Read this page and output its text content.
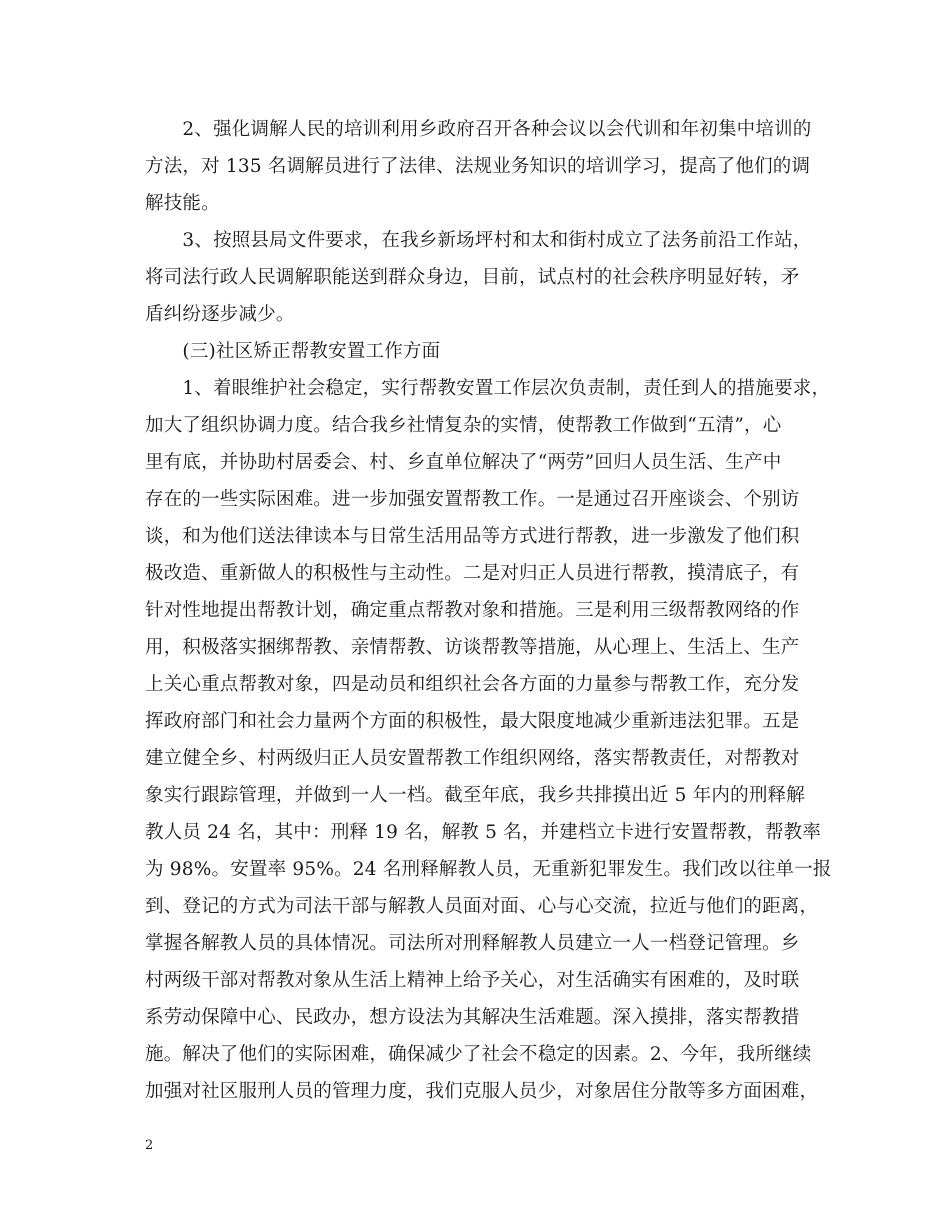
　　2、强化调解人民的培训利用乡政府召开各种会议以会代训和年初集中培训的
方法，对 135 名调解员进行了法律、法规业务知识的培训学习，提高了他们的调
解技能。
　　3、按照县局文件要求，在我乡新场坪村和太和街村成立了法务前沿工作站，
将司法行政人民调解职能送到群众身边，目前，试点村的社会秩序明显好转，矛
盾纠纷逐步减少。
　　(三)社区矫正帮教安置工作方面
　　1、着眼维护社会稳定，实行帮教安置工作层次负责制，责任到人的措施要求，
加大了组织协调力度。结合我乡社情复杂的实情，使帮教工作做到“五清”，心
里有底，并协助村居委会、村、乡直单位解决了“两劳”回归人员生活、生产中
存在的一些实际困难。进一步加强安置帮教工作。一是通过召开座谈会、个别访
谈，和为他们送法律读本与日常生活用品等方式进行帮教，进一步激发了他们积
极改造、重新做人的积极性与主动性。二是对归正人员进行帮教，摸清底子，有
针对性地提出帮教计划，确定重点帮教对象和措施。三是利用三级帮教网络的作
用，积极落实捆绑帮教、亲情帮教、访谈帮教等措施，从心理上、生活上、生产
上关心重点帮教对象，四是动员和组织社会各方面的力量参与帮教工作，充分发
挥政府部门和社会力量两个方面的积极性，最大限度地减少重新违法犯罪。五是
建立健全乡、村两级归正人员安置帮教工作组织网络，落实帮教责任，对帮教对
象实行跟踪管理，并做到一人一档。截至年底，我乡共排摸出近 5 年内的刑释解
教人员 24 名，其中：刑释 19 名，解教 5 名，并建档立卡进行安置帮教，帮教率
为 98%。安置率 95%。24 名刑释解教人员，无重新犯罪发生。我们改以往单一报
到、登记的方式为司法干部与解教人员面对面、心与心交流，拉近与他们的距离，
掌握各解教人员的具体情况。司法所对刑释解教人员建立一人一档登记管理。乡
村两级干部对帮教对象从生活上精神上给予关心，对生活确实有困难的，及时联
系劳动保障中心、民政办，想方设法为其解决生活难题。深入摸排，落实帮教措
施。解决了他们的实际困难，确保减少了社会不稳定的因素。2、今年，我所继续
加强对社区服刑人员的管理力度，我们克服人员少，对象居住分散等多方面困难，
2
